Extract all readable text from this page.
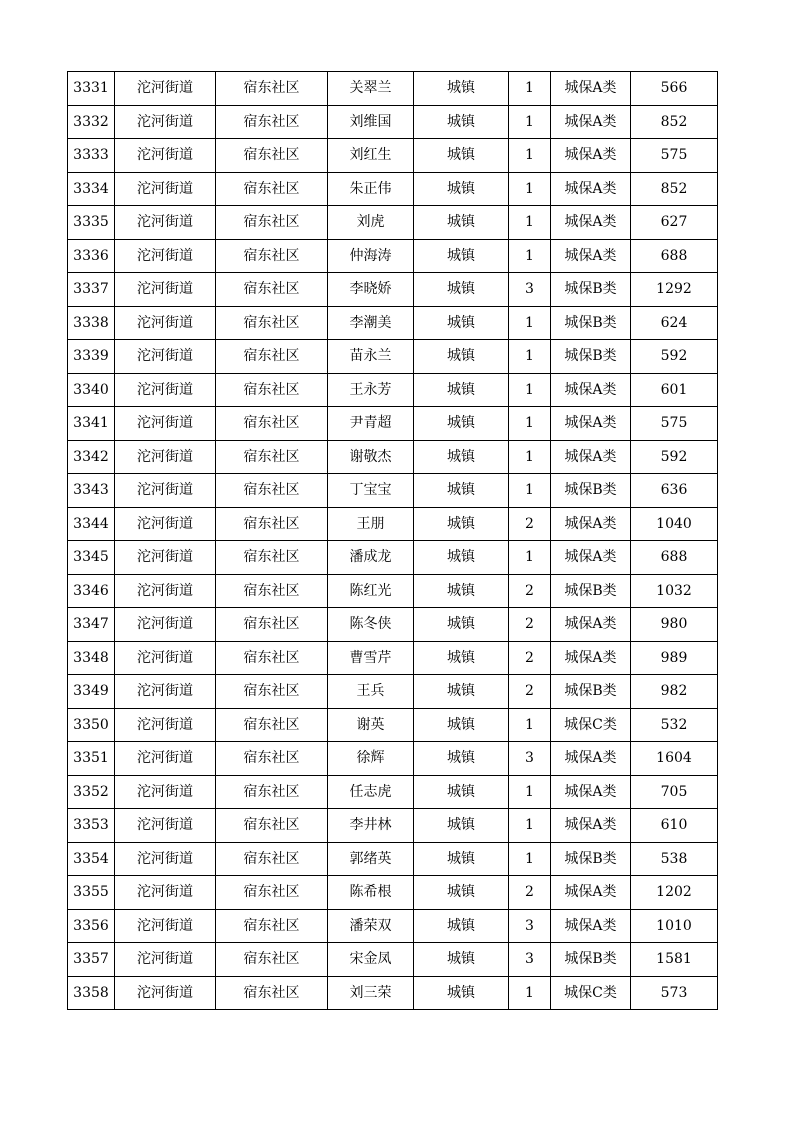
3331	沱河街道	宿东社区	关翠兰	城镇	1	城保A类	566
3332	沱河街道	宿东社区	刘维国	城镇	1	城保A类	852
3333	沱河街道	宿东社区	刘红生	城镇	1	城保A类	575
3334	沱河街道	宿东社区	朱正伟	城镇	1	城保A类	852
3335	沱河街道	宿东社区	刘虎	城镇	1	城保A类	627
3336	沱河街道	宿东社区	仲海涛	城镇	1	城保A类	688
3337	沱河街道	宿东社区	李晓娇	城镇	3	城保B类	1292
3338	沱河街道	宿东社区	李潮美	城镇	1	城保B类	624
3339	沱河街道	宿东社区	苗永兰	城镇	1	城保B类	592
3340	沱河街道	宿东社区	王永芳	城镇	1	城保A类	601
3341	沱河街道	宿东社区	尹青超	城镇	1	城保A类	575
3342	沱河街道	宿东社区	谢敬杰	城镇	1	城保A类	592
3343	沱河街道	宿东社区	丁宝宝	城镇	1	城保B类	636
3344	沱河街道	宿东社区	王朋	城镇	2	城保A类	1040
3345	沱河街道	宿东社区	潘成龙	城镇	1	城保A类	688
3346	沱河街道	宿东社区	陈红光	城镇	2	城保B类	1032
3347	沱河街道	宿东社区	陈冬侠	城镇	2	城保A类	980
3348	沱河街道	宿东社区	曹雪芹	城镇	2	城保A类	989
3349	沱河街道	宿东社区	王兵	城镇	2	城保B类	982
3350	沱河街道	宿东社区	谢英	城镇	1	城保C类	532
3351	沱河街道	宿东社区	徐辉	城镇	3	城保A类	1604
3352	沱河街道	宿东社区	任志虎	城镇	1	城保A类	705
3353	沱河街道	宿东社区	李井林	城镇	1	城保A类	610
3354	沱河街道	宿东社区	郭绪英	城镇	1	城保B类	538
3355	沱河街道	宿东社区	陈希根	城镇	2	城保A类	1202
3356	沱河街道	宿东社区	潘荣双	城镇	3	城保A类	1010
3357	沱河街道	宿东社区	宋金凤	城镇	3	城保B类	1581
3358	沱河街道	宿东社区	刘三荣	城镇	1	城保C类	573
